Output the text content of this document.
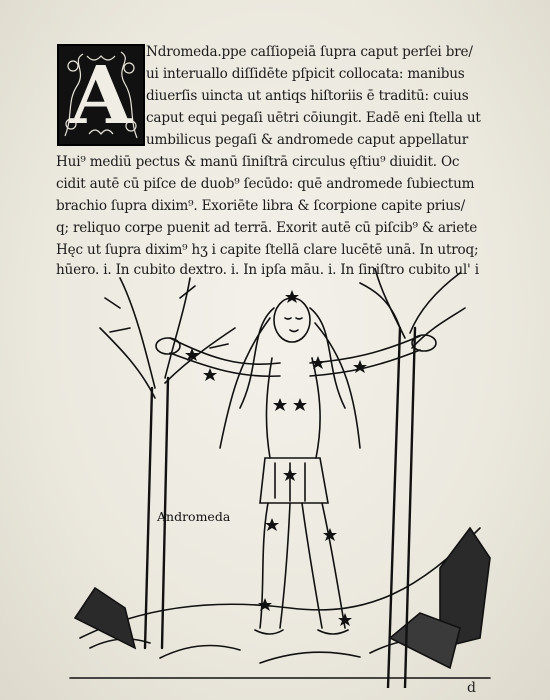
A	Ndromeda.ppe caſſiopeiā ſupra caput perſei bre/
ui interuallo diſſidēte pſpicit collocata: manibus
diuerſis uincta ut antiqs hiſtoriis ē traditū: cuius
caput equi pegaſi uētri cōiungit. Eadē eni ſtella ut
umbilicus pegaſi & andromede caput appellatur
Hui⁹ mediū pectus & manū ſiniſtrā circulus ęſtiu⁹ diuidit. Oc
cidit autē cū piſce de duob⁹ ſecūdo: quē andromede ſubiectum
brachio ſupra dixim⁹. Exoriēte libra & ſcorpione capite prius/
q; reliquo corpe puenit ad terrā. Exorit autē cū piſcib⁹ & ariete
Hęc ut ſupra dixim⁹ hʒ i capite ſtellā clare lucētē unā. In utroq;
hūero. i. In cubito dextro. i. In ipſa māu. i. In ſiniſtro cubito ul' i
Andromeda
d
